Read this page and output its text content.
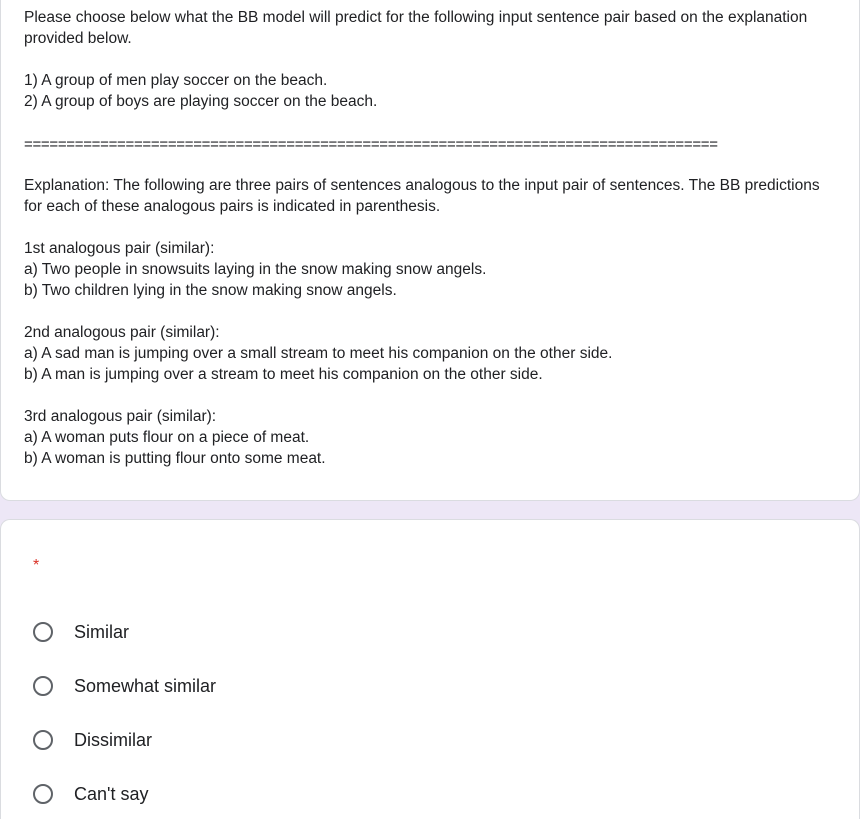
Please choose below what the BB model will predict for the following input sentence pair based on the explanation provided below.

1) A group of men play soccer on the beach.

2) A group of boys are playing soccer on the beach.

==================================================================================

Explanation: The following are three pairs of sentences analogous to the input pair of sentences. The BB predictions for each of these analogous pairs is indicated in parenthesis.

1st analogous pair (similar):

a) Two people in snowsuits laying in the snow making snow angels.

b) Two children lying in the snow making snow angels.

2nd analogous pair (similar):

a) A sad man is jumping over a small stream to meet his companion on the other side.

b) A man is jumping over a stream to meet his companion on the other side.

3rd analogous pair (similar):

a) A woman puts flour on a piece of meat.

b) A woman is putting flour onto some meat.

*
Similar
Somewhat similar
Dissimilar
Can't say
